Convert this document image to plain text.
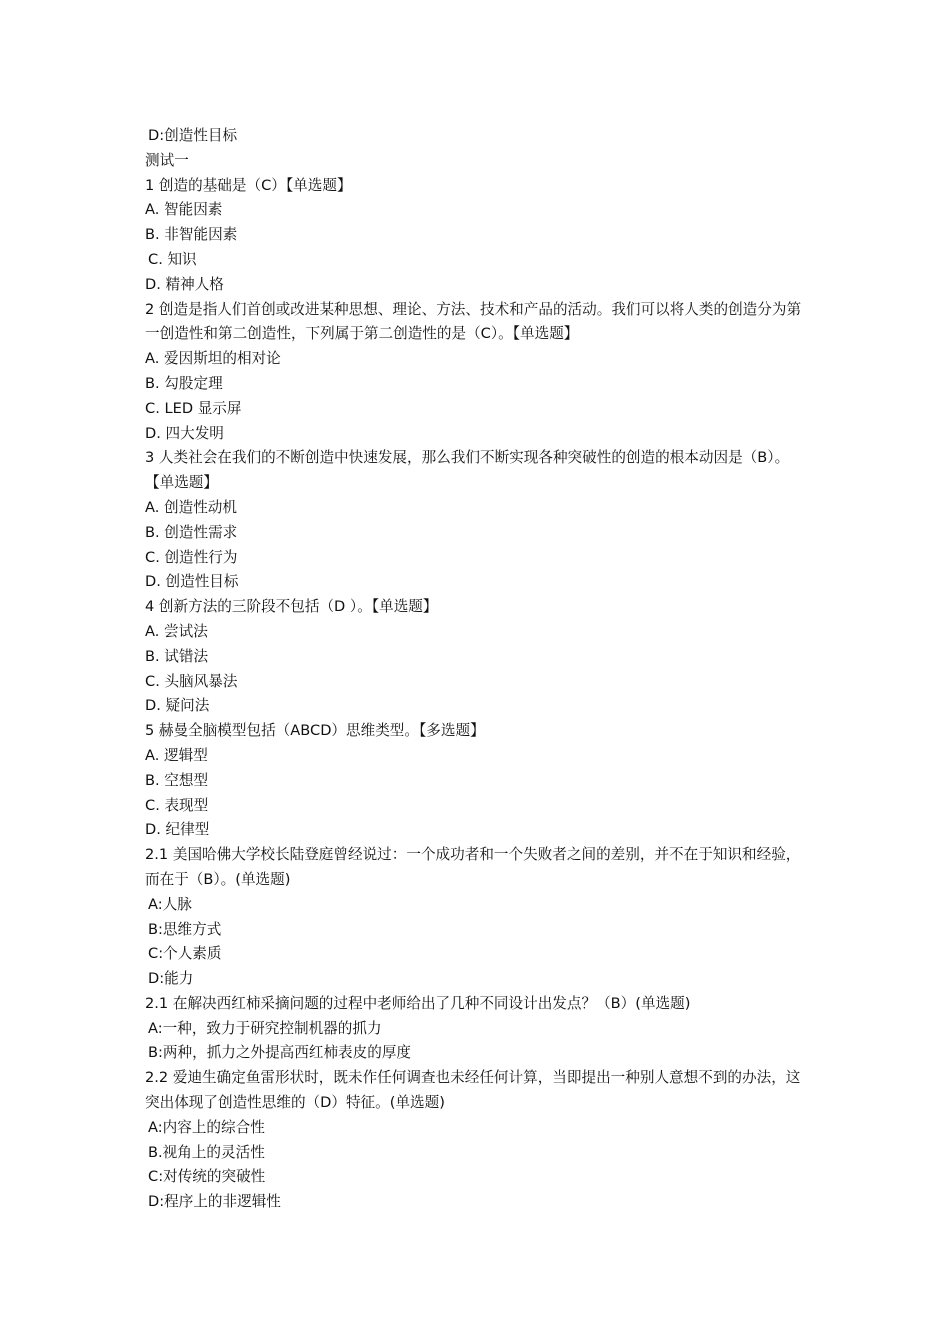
D:创造性目标
测试一
1 创造的基础是（C）【单选题】
A. 智能因素
B. 非智能因素
C. 知识
D. 精神人格
2 创造是指人们首创或改进某种思想、理论、方法、技术和产品的活动。我们可以将人类的创造分为第一创造性和第二创造性，下列属于第二创造性的是（C）。【单选题】
A. 爱因斯坦的相对论
B. 勾股定理
C. LED 显示屏
D. 四大发明
3 人类社会在我们的不断创造中快速发展，那么我们不断实现各种突破性的创造的根本动因是（B）。【单选题】
A. 创造性动机
B. 创造性需求
C. 创造性行为
D. 创造性目标
4 创新方法的三阶段不包括（D ）。【单选题】
A. 尝试法
B. 试错法
C. 头脑风暴法
D. 疑问法
5 赫曼全脑模型包括（ABCD）思维类型。【多选题】
A. 逻辑型
B. 空想型
C. 表现型
D. 纪律型
2.1 美国哈佛大学校长陆登庭曾经说过：一个成功者和一个失败者之间的差别，并不在于知识和经验，而在于（B）。(单选题)
A:人脉
B:思维方式
C:个人素质
D:能力
2.1 在解决西红柿采摘问题的过程中老师给出了几种不同设计出发点？（B）(单选题)
A:一种，致力于研究控制机器的抓力
B:两种，抓力之外提高西红柿表皮的厚度
2.2 爱迪生确定鱼雷形状时，既未作任何调查也未经任何计算，当即提出一种别人意想不到的办法，这突出体现了创造性思维的（D）特征。(单选题)
A:内容上的综合性
B.视角上的灵活性
C:对传统的突破性
D:程序上的非逻辑性
